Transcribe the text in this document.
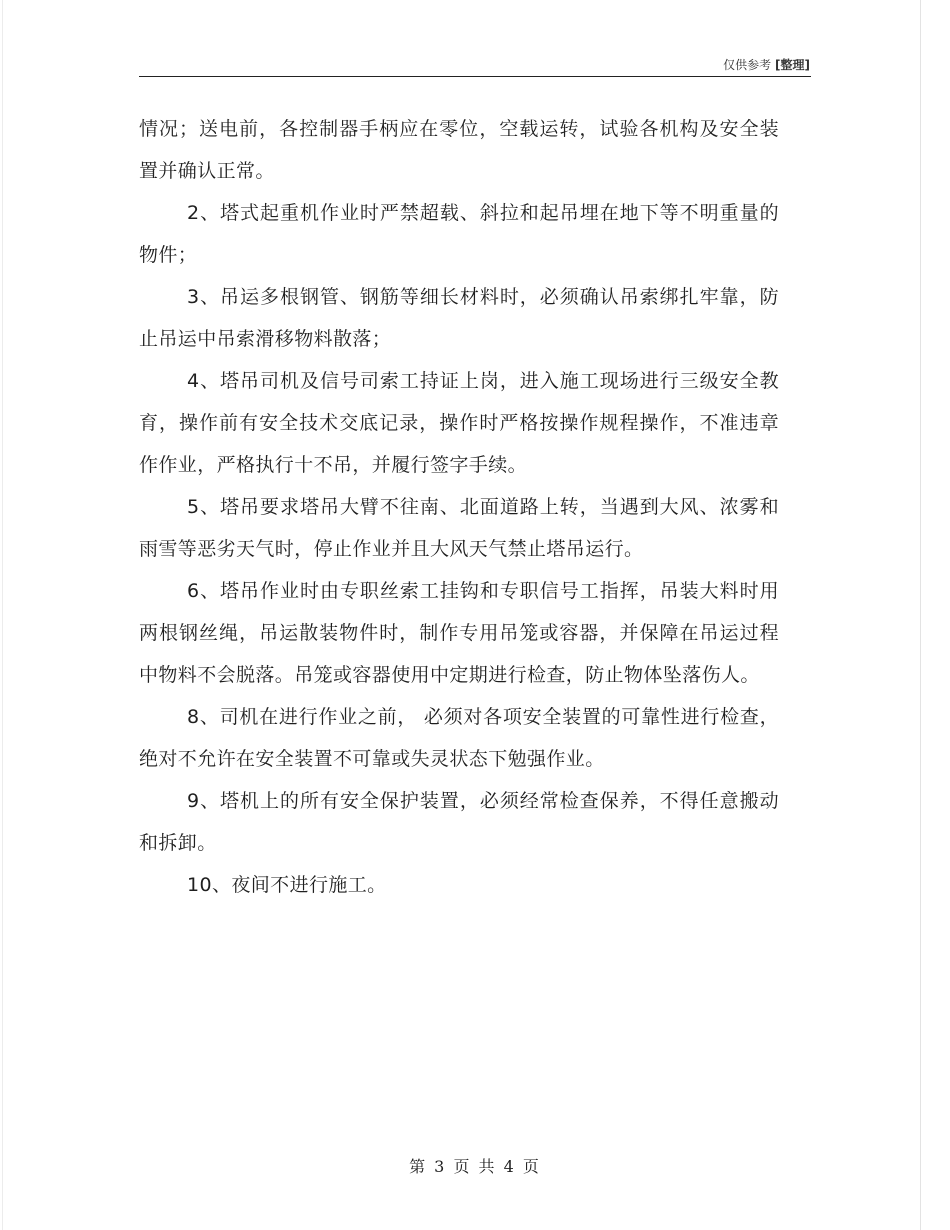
仅供参考 [整理]

情况；送电前，各控制器手柄应在零位，空载运转，试验各机构及安全装置并确认正常。

2、塔式起重机作业时严禁超载、斜拉和起吊埋在地下等不明重量的物件；

3、吊运多根钢管、钢筋等细长材料时，必须确认吊索绑扎牢靠，防止吊运中吊索滑移物料散落；

4、塔吊司机及信号司索工持证上岗，进入施工现场进行三级安全教育，操作前有安全技术交底记录，操作时严格按操作规程操作，不准违章作作业，严格执行十不吊，并履行签字手续。

5、塔吊要求塔吊大臂不往南、北面道路上转，当遇到大风、浓雾和雨雪等恶劣天气时，停止作业并且大风天气禁止塔吊运行。

6、塔吊作业时由专职丝索工挂钩和专职信号工指挥，吊装大料时用两根钢丝绳，吊运散装物件时，制作专用吊笼或容器，并保障在吊运过程中物料不会脱落。吊笼或容器使用中定期进行检查，防止物体坠落伤人。

8、司机在进行作业之前， 必须对各项安全装置的可靠性进行检查，绝对不允许在安全装置不可靠或失灵状态下勉强作业。

9、塔机上的所有安全保护装置，必须经常检查保养，不得任意搬动和拆卸。

10、夜间不进行施工。

第 3 页 共 4 页
